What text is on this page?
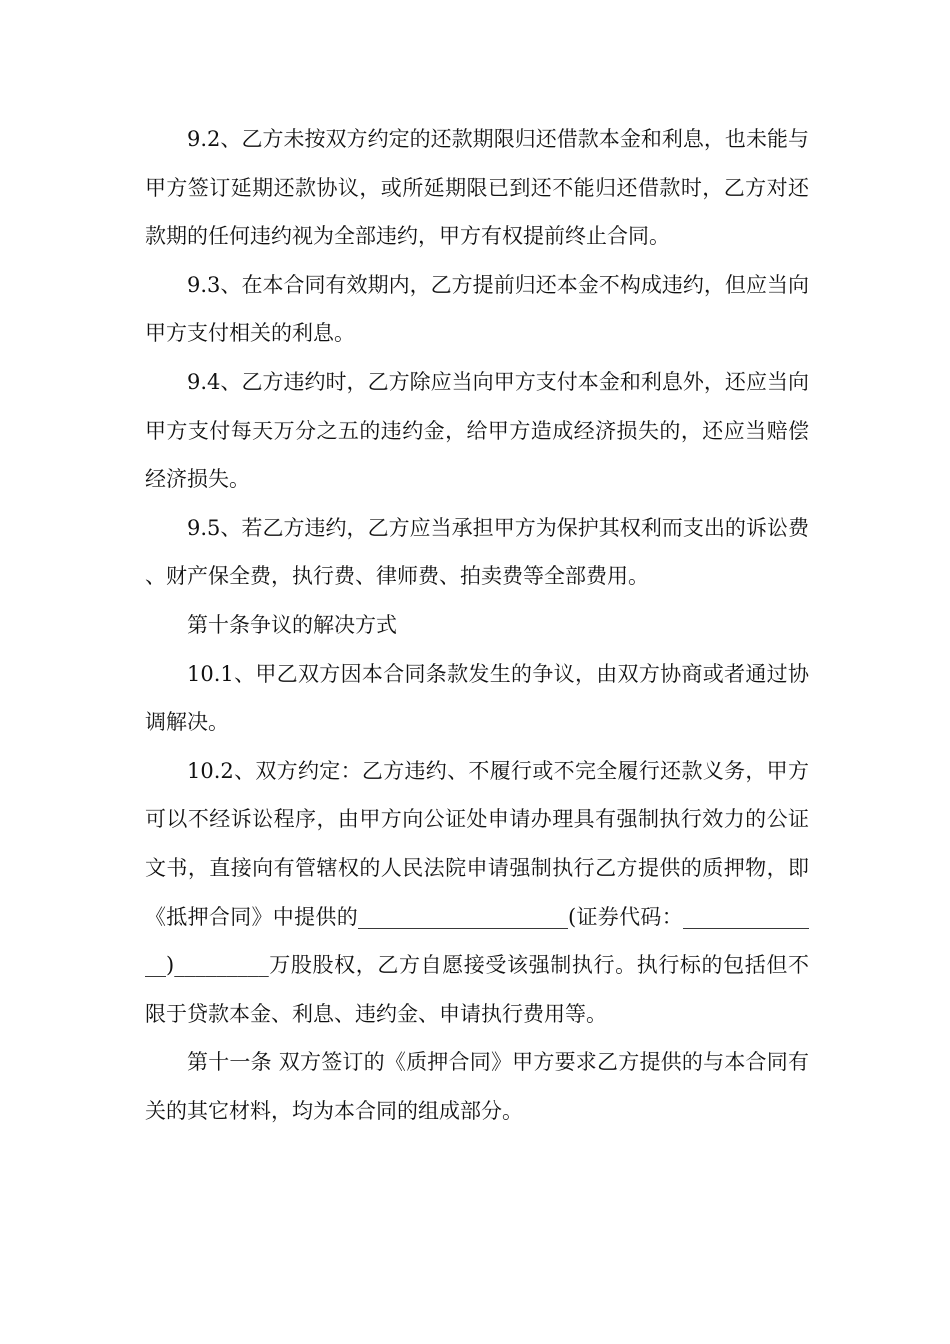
9.2、乙方未按双方约定的还款期限归还借款本金和利息，也未能与甲方签订延期还款协议，或所延期限已到还不能归还借款时，乙方对还款期的任何违约视为全部违约，甲方有权提前终止合同。

9.3、在本合同有效期内，乙方提前归还本金不构成违约，但应当向甲方支付相关的利息。

9.4、乙方违约时，乙方除应当向甲方支付本金和利息外，还应当向甲方支付每天万分之五的违约金，给甲方造成经济损失的，还应当赔偿经济损失。

9.5、若乙方违约，乙方应当承担甲方为保护其权利而支出的诉讼费、财产保全费，执行费、律师费、拍卖费等全部费用。

第十条争议的解决方式

10.1、甲乙双方因本合同条款发生的争议，由双方协商或者通过协调解决。

10.2、双方约定：乙方违约、不履行或不完全履行还款义务，甲方可以不经诉讼程序，由甲方向公证处申请办理具有强制执行效力的公证文书，直接向有管辖权的人民法院申请强制执行乙方提供的质押物，即《抵押合同》中提供的____________________(证券代码：______________)_________万股股权，乙方自愿接受该强制执行。执行标的包括但不限于贷款本金、利息、违约金、申请执行费用等。

第十一条 双方签订的《质押合同》甲方要求乙方提供的与本合同有关的其它材料，均为本合同的组成部分。
